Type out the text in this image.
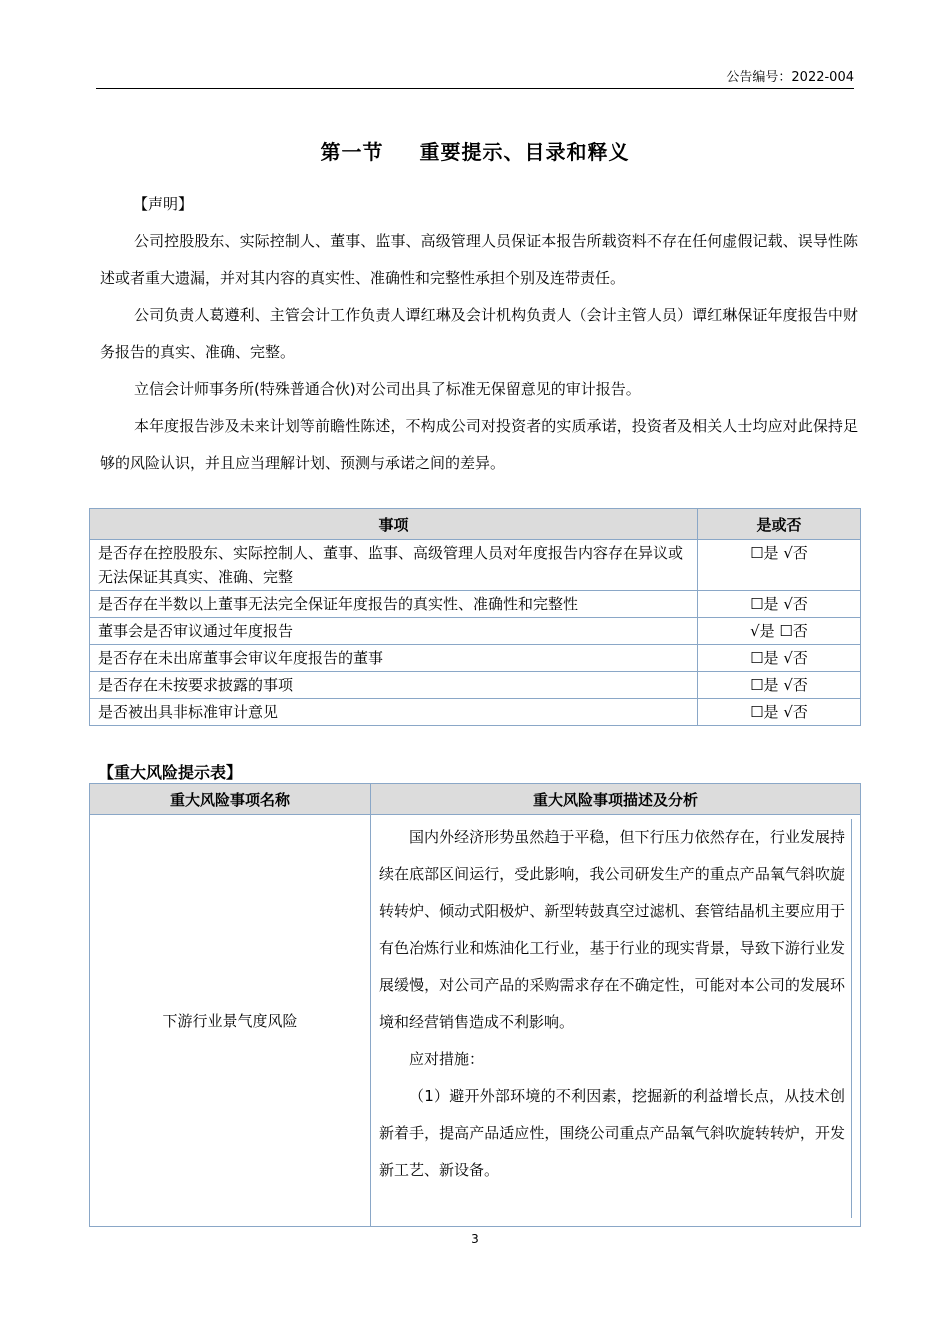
公告编号：2022-004
第一节 重要提示、目录和释义
【声明】

公司控股股东、实际控制人、董事、监事、高级管理人员保证本报告所载资料不存在任何虚假记载、误导性陈述或者重大遗漏，并对其内容的真实性、准确性和完整性承担个别及连带责任。

公司负责人葛遵利、主管会计工作负责人谭红琳及会计机构负责人（会计主管人员）谭红琳保证年度报告中财务报告的真实、准确、完整。

立信会计师事务所(特殊普通合伙)对公司出具了标准无保留意见的审计报告。

本年度报告涉及未来计划等前瞻性陈述，不构成公司对投资者的实质承诺，投资者及相关人士均应对此保持足够的风险认识，并且应当理解计划、预测与承诺之间的差异。

事项	是或否
是否存在控股股东、实际控制人、董事、监事、高级管理人员对年度报告内容存在异议或无法保证其真实、准确、完整	☐是 √否
是否存在半数以上董事无法完全保证年度报告的真实性、准确性和完整性	☐是 √否
董事会是否审议通过年度报告	√是 ☐否
是否存在未出席董事会审议年度报告的董事	☐是 √否
是否存在未按要求披露的事项	☐是 √否
是否被出具非标准审计意见	☐是 √否
【重大风险提示表】
重大风险事项名称	重大风险事项描述及分析
下游行业景气度风险	国内外经济形势虽然趋于平稳，但下行压力依然存在，行业发展持续在底部区间运行，受此影响，我公司研发生产的重点产品氧气斜吹旋转转炉、倾动式阳极炉、新型转鼓真空过滤机、套管结晶机主要应用于有色冶炼行业和炼油化工行业，基于行业的现实背景，导致下游行业发展缓慢，对公司产品的采购需求存在不确定性，可能对本公司的发展环境和经营销售造成不利影响。

应对措施：

（1）避开外部环境的不利因素，挖掘新的利益增长点，从技术创新着手，提高产品适应性，围绕公司重点产品氧气斜吹旋转转炉，开发新工艺、新设备。

3
